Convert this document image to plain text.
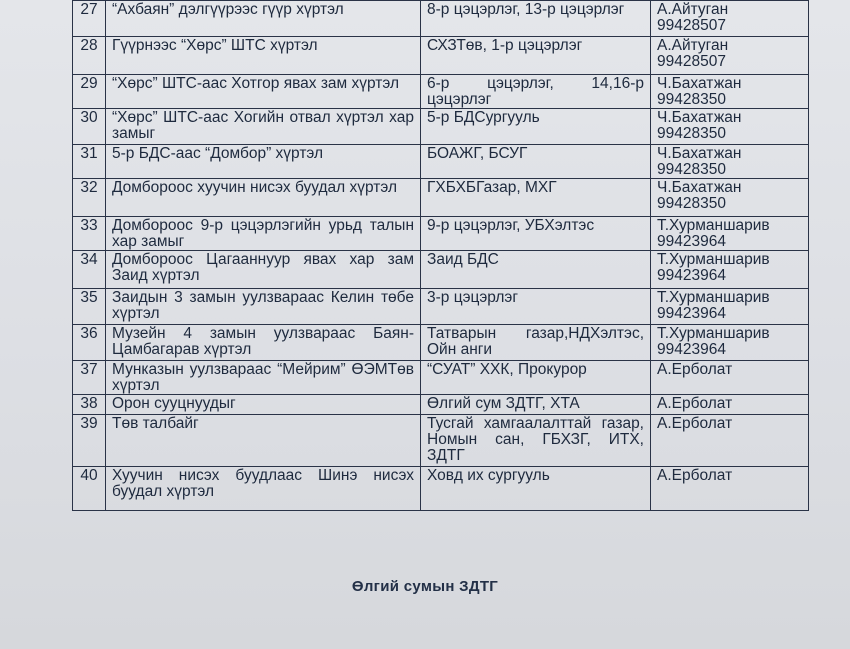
27	“Ахбаян” дэлгүүрээс гүүр хүртэл	8-р цэцэрлэг, 13-р цэцэрлэг	А.Айтуган
99428507
28	Гүүрнээс “Хөрс” ШТС хүртэл	СХЗТөв, 1-р цэцэрлэг	А.Айтуган
99428507
29	“Хөрс” ШТС-аас Хотгор явах зам хүртэл	6-р цэцэрлэг, 14,16-р цэцэрлэг	Ч.Бахатжан
99428350
30	“Хөрс” ШТС-аас Хогийн отвал хүртэл хар замыг	5-р БДСургууль	Ч.Бахатжан
99428350
31	5-р БДС-аас “Домбор” хүртэл	БОАЖГ, БСУГ	Ч.Бахатжан
99428350
32	Домбороос хуучин нисэх буудал хүртэл	ГХБХБГазар, МХГ	Ч.Бахатжан
99428350
33	Домбороос 9-р цэцэрлэгийн урьд талын хар замыг	9-р цэцэрлэг, УБХэлтэс	Т.Хурманшарив
99423964
34	Домбороос Цагааннуур явах хар зам Заид хүртэл	Заид БДС	Т.Хурманшарив
99423964
35	Заидын 3 замын уулзвараас Келин төбе хүртэл	3-р цэцэрлэг	Т.Хурманшарив
99423964
36	Музейн 4 замын уулзвараас Баян-Цамбагарав хүртэл	Татварын газар,НДХэлтэс, Ойн анги	Т.Хурманшарив
99423964
37	Мунказын уулзвараас “Мейрим” ӨЭМТөв хүртэл	“СУАТ” ХХК, Прокурор	А.Ерболат
38	Орон сууцнуудыг	Өлгий сум ЗДТГ, ХТА	А.Ерболат
39	Төв талбайг	Тусгай хамгаалалттай газар, Номын сан, ГБХЗГ, ИТХ, ЗДТГ	А.Ерболат
40	Хуучин нисэх буудлаас Шинэ нисэх буудал хүртэл	Ховд их сургууль	А.Ерболат
Өлгий сумын ЗДТГ
